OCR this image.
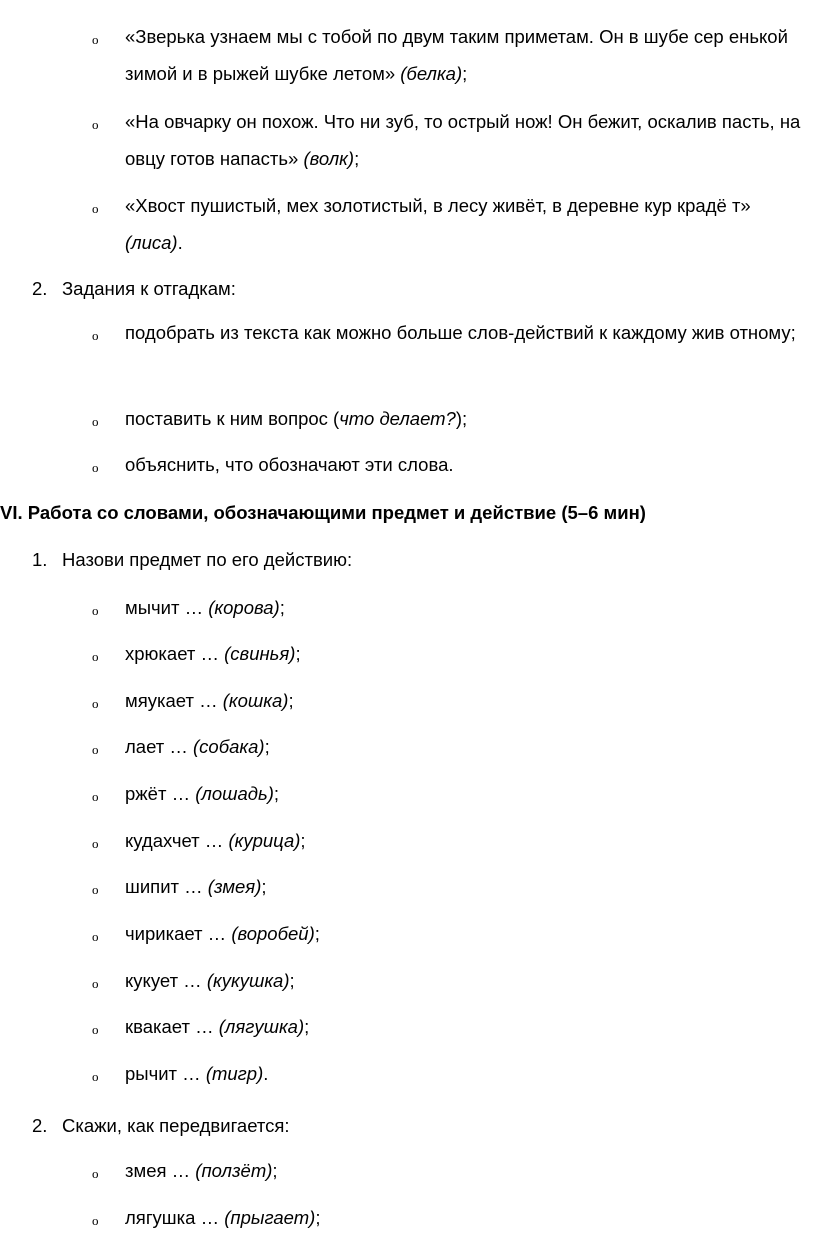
o «Зверька узнаем мы с тобой по двум таким приметам. Он в шубе сер енькой зимой и в рыжей шубке летом» (белка);
o «На овчарку он похож. Что ни зуб, то острый нож! Он бежит, оскалив пасть, на овцу готов напасть» (волк);
o «Хвост пушистый, мех золотистый, в лесу живёт, в деревне кур крадё т» (лиса).
2. Задания к отгадкам:
o подобрать из текста как можно больше слов-действий к каждому жив отному;
o поставить к ним вопрос (что делает?);
o объяснить, что обозначают эти слова.
VI. Работа со словами, обозначающими предмет и действие (5–6 мин)
1. Назови предмет по его действию:
o мычит … (корова);
o хрюкает … (свинья);
o мяукает … (кошка);
o лает … (собака);
o ржёт … (лошадь);
o кудахчет … (курица);
o шипит … (змея);
o чирикает … (воробей);
o кукует … (кукушка);
o квакает … (лягушка);
o рычит … (тигр).
2. Скажи, как передвигается:
o змея … (ползёт);
o лягушка … (прыгает);
